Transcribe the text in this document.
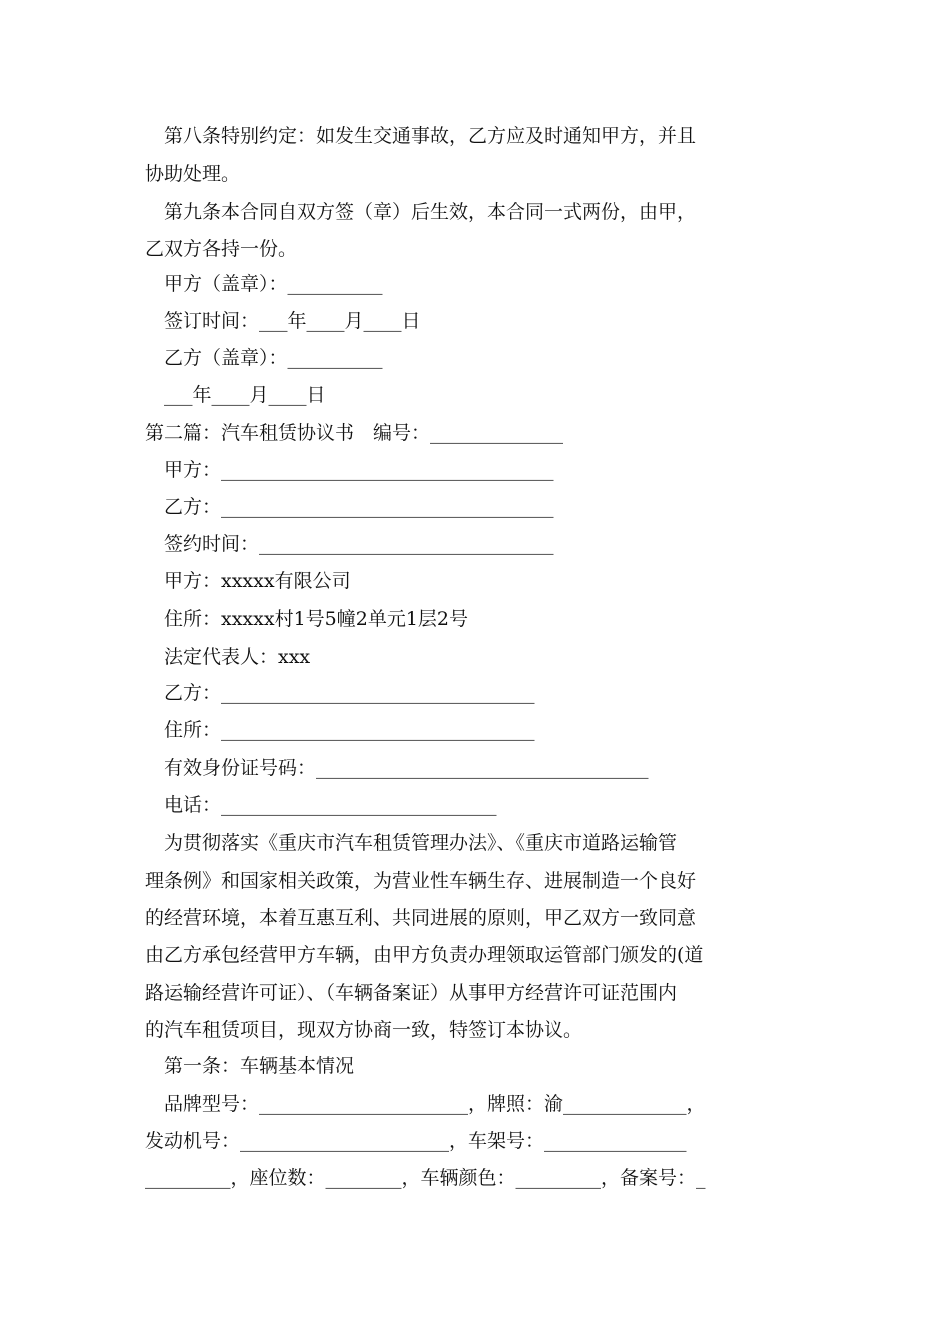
第八条特别约定：如发生交通事故，乙方应及时通知甲方，并且
协助处理。
第九条本合同自双方签（章）后生效，本合同一式两份，由甲，
乙双方各持一份。
甲方（盖章）：__________
签订时间：___年____月____日
乙方（盖章）：__________
___年____月____日
第二篇：汽车租赁协议书　编号：______________
甲方：___________________________________
乙方：___________________________________
签约时间：_______________________________
甲方：xxxxx有限公司
住所：xxxxx村1号5幢2单元1层2号
法定代表人：xxx
乙方：_________________________________
住所：_________________________________
有效身份证号码：___________________________________
电话：_____________________________
为贯彻落实《重庆市汽车租赁管理办法》、《重庆市道路运输管
理条例》和国家相关政策，为营业性车辆生存、进展制造一个良好
的经营环境，本着互惠互利、共同进展的原则，甲乙双方一致同意
由乙方承包经营甲方车辆，由甲方负责办理领取运管部门颁发的(道
路运输经营许可证）、（车辆备案证）从事甲方经营许可证范围内
的汽车租赁项目，现双方协商一致，特签订本协议。
第一条：车辆基本情况
品牌型号：______________________，牌照：渝_____________，
发动机号：______________________，车架号：_______________
_________，座位数：________，车辆颜色：_________，备案号：_
